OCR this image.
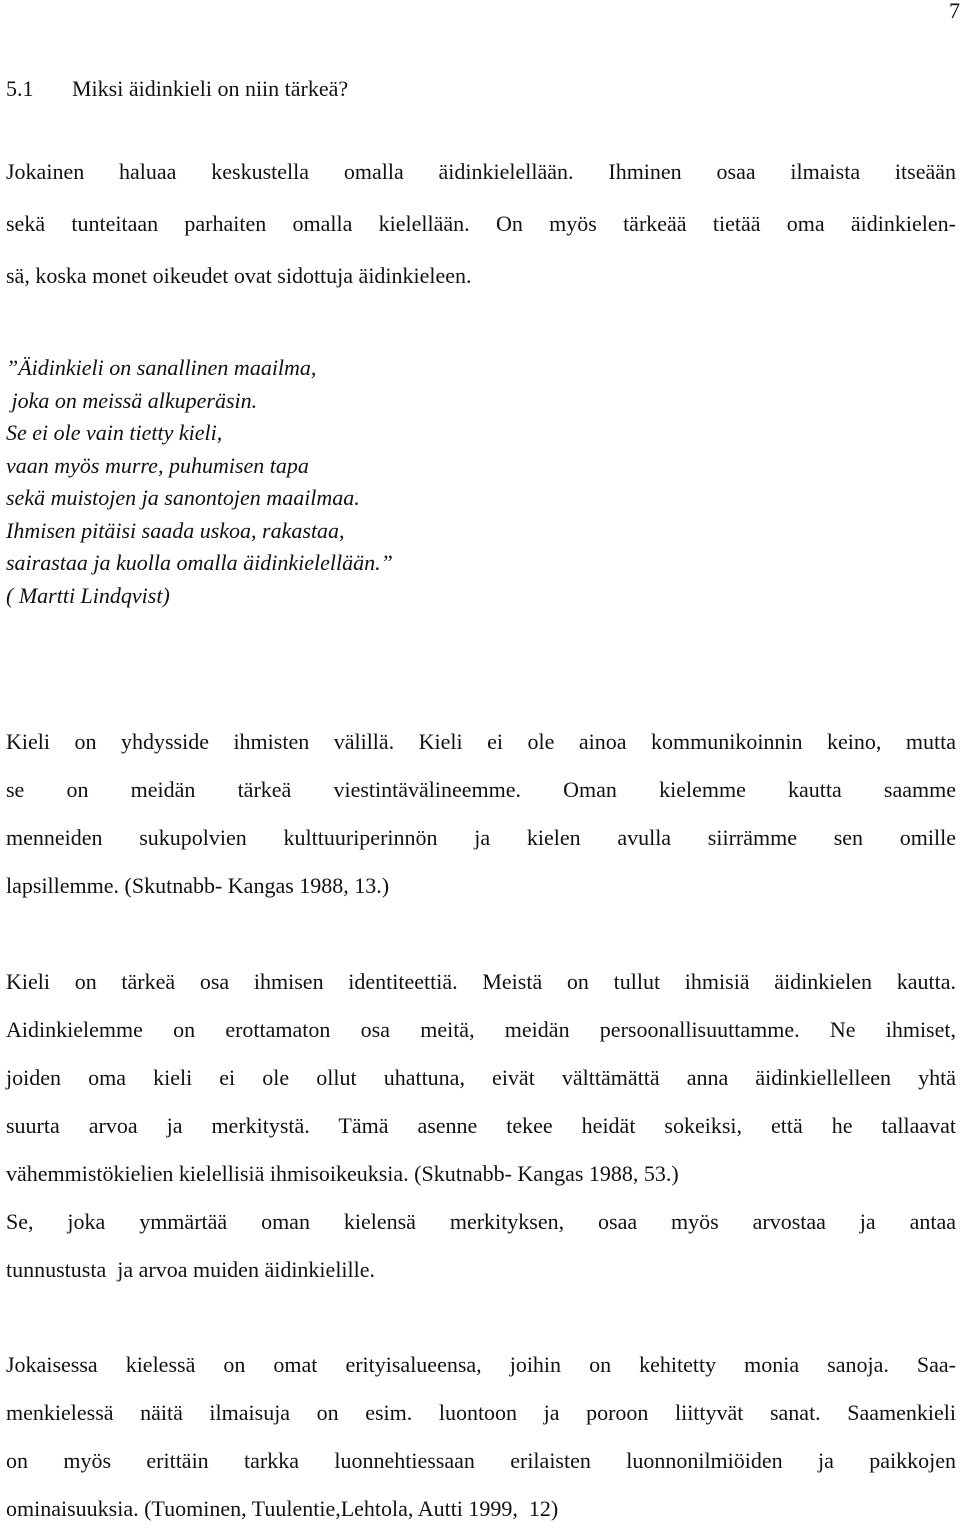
7
5.1 Miksi äidinkieli on niin tärkeä?
Jokainen haluaa keskustella omalla äidinkielellään. Ihminen osaa ilmaista itseään
sekä tunteitaan parhaiten omalla kielellään. On myös tärkeää tietää oma äidinkielen-
sä, koska monet oikeudet ovat sidottuja äidinkieleen.
”Äidinkieli on sanallinen maailma,
joka on meissä alkuperäsin.
Se ei ole vain tietty kieli,
vaan myös murre, puhumisen tapa
sekä muistojen ja sanontojen maailmaa.
Ihmisen pitäisi saada uskoa, rakastaa,
sairastaa ja kuolla omalla äidinkielellään.”
( Martti Lindqvist)
Kieli on yhdysside ihmisten välillä. Kieli ei ole ainoa kommunikoinnin keino, mutta
se on meidän tärkeä viestintävälineemme. Oman kielemme kautta saamme
menneiden sukupolvien kulttuuriperinnön ja kielen avulla siirrämme sen omille
lapsillemme. (Skutnabb- Kangas 1988, 13.)
Kieli on tärkeä osa ihmisen identiteettiä. Meistä on tullut ihmisiä äidinkielen kautta.
Aidinkielemme on erottamaton osa meitä, meidän persoonallisuuttamme. Ne ihmiset,
joiden oma kieli ei ole ollut uhattuna, eivät välttämättä anna äidinkiellelleen yhtä
suurta arvoa ja merkitystä. Tämä asenne tekee heidät sokeiksi, että he tallaavat
vähemmistökielien kielellisiä ihmisoikeuksia. (Skutnabb- Kangas 1988, 53.)
Se, joka ymmärtää oman kielensä merkityksen, osaa myös arvostaa ja antaa
tunnustusta  ja arvoa muiden äidinkielille.
Jokaisessa kielessä on omat erityisalueensa, joihin on kehitetty monia sanoja. Saa-
menkielessä näitä ilmaisuja on esim. luontoon ja poroon liittyvät sanat. Saamenkieli
on myös erittäin tarkka luonnehtiessaan erilaisten luonnonilmiöiden ja paikkojen
ominaisuuksia. (Tuominen, Tuulentie,Lehtola, Autti 1999,  12)
